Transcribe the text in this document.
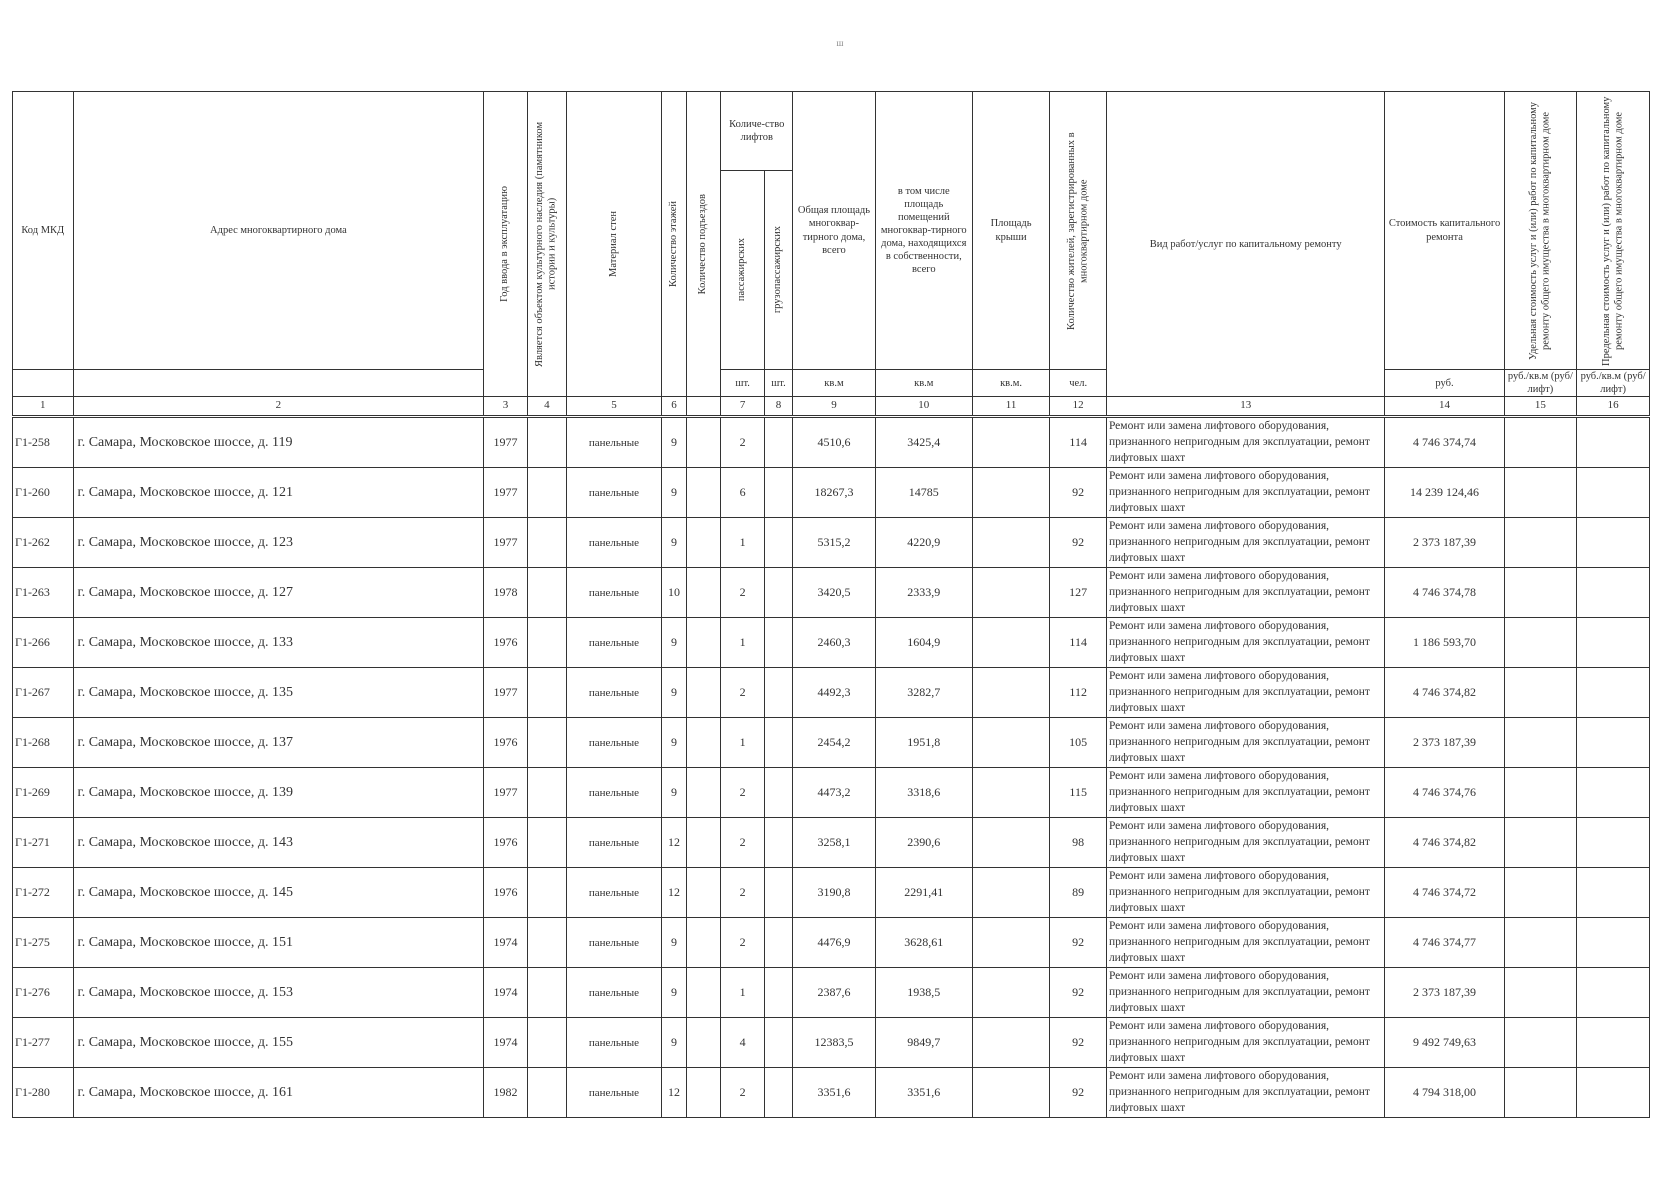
ш
Код МКД	Адрес многоквартирного дома	Год ввода в эксплуатацию	Является объектом культурного наследия (памятником истории и культуры)	Материал стен	Количество этажей	Количество подъездов	Количе-ство лифтов		Общая площадь многоквар-тирного дома, всего	в том числе площадь помещений многоквар-тирного дома, находящихся в собственности, всего	Площадь крыши	Количество жителей, зарегистрированных в многоквартирном доме	Вид работ/услуг по капитальному ремонту	Стоимость капитального ремонта	Удельная стоимость услуг и (или) работ по капитальному ремонту общего имущества в многоквартирном доме	Предельная стоимость услуг и (или) работ по капитальному ремонту общего имущества в многоквартирном доме

							пассажирских	грузопассажирских								

							шт.	шт.	кв.м	кв.м	кв.м.	чел.		руб.	руб./кв.м (руб/лифт)	руб./кв.м (руб/лифт)
1	2	3	4	5	6		7	8	9	10	11	12	13	14	15	16
Г1-258	г. Самара, Московское шоссе, д. 119	1977		панельные	9		2		4510,6	3425,4		114	Ремонт или замена лифтового оборудования, признанного непригодным для эксплуатации, ремонт лифтовых шахт	4 746 374,74		
Г1-260	г. Самара, Московское шоссе, д. 121	1977		панельные	9		6		18267,3	14785		92	Ремонт или замена лифтового оборудования, признанного непригодным для эксплуатации, ремонт лифтовых шахт	14 239 124,46		
Г1-262	г. Самара, Московское шоссе, д. 123	1977		панельные	9		1		5315,2	4220,9		92	Ремонт или замена лифтового оборудования, признанного непригодным для эксплуатации, ремонт лифтовых шахт	2 373 187,39		
Г1-263	г. Самара, Московское шоссе, д. 127	1978		панельные	10		2		3420,5	2333,9		127	Ремонт или замена лифтового оборудования, признанного непригодным для эксплуатации, ремонт лифтовых шахт	4 746 374,78		
Г1-266	г. Самара, Московское шоссе, д. 133	1976		панельные	9		1		2460,3	1604,9		114	Ремонт или замена лифтового оборудования, признанного непригодным для эксплуатации, ремонт лифтовых шахт	1 186 593,70		
Г1-267	г. Самара, Московское шоссе, д. 135	1977		панельные	9		2		4492,3	3282,7		112	Ремонт или замена лифтового оборудования, признанного непригодным для эксплуатации, ремонт лифтовых шахт	4 746 374,82		
Г1-268	г. Самара, Московское шоссе, д. 137	1976		панельные	9		1		2454,2	1951,8		105	Ремонт или замена лифтового оборудования, признанного непригодным для эксплуатации, ремонт лифтовых шахт	2 373 187,39		
Г1-269	г. Самара, Московское шоссе, д. 139	1977		панельные	9		2		4473,2	3318,6		115	Ремонт или замена лифтового оборудования, признанного непригодным для эксплуатации, ремонт лифтовых шахт	4 746 374,76		
Г1-271	г. Самара, Московское шоссе, д. 143	1976		панельные	12		2		3258,1	2390,6		98	Ремонт или замена лифтового оборудования, признанного непригодным для эксплуатации, ремонт лифтовых шахт	4 746 374,82		
Г1-272	г. Самара, Московское шоссе, д. 145	1976		панельные	12		2		3190,8	2291,41		89	Ремонт или замена лифтового оборудования, признанного непригодным для эксплуатации, ремонт лифтовых шахт	4 746 374,72		
Г1-275	г. Самара, Московское шоссе, д. 151	1974		панельные	9		2		4476,9	3628,61		92	Ремонт или замена лифтового оборудования, признанного непригодным для эксплуатации, ремонт лифтовых шахт	4 746 374,77		
Г1-276	г. Самара, Московское шоссе, д. 153	1974		панельные	9		1		2387,6	1938,5		92	Ремонт или замена лифтового оборудования, признанного непригодным для эксплуатации, ремонт лифтовых шахт	2 373 187,39		
Г1-277	г. Самара, Московское шоссе, д. 155	1974		панельные	9		4		12383,5	9849,7		92	Ремонт или замена лифтового оборудования, признанного непригодным для эксплуатации, ремонт лифтовых шахт	9 492 749,63		
Г1-280	г. Самара, Московское шоссе, д. 161	1982		панельные	12		2		3351,6	3351,6		92	Ремонт или замена лифтового оборудования, признанного непригодным для эксплуатации, ремонт лифтовых шахт	4 794 318,00		
